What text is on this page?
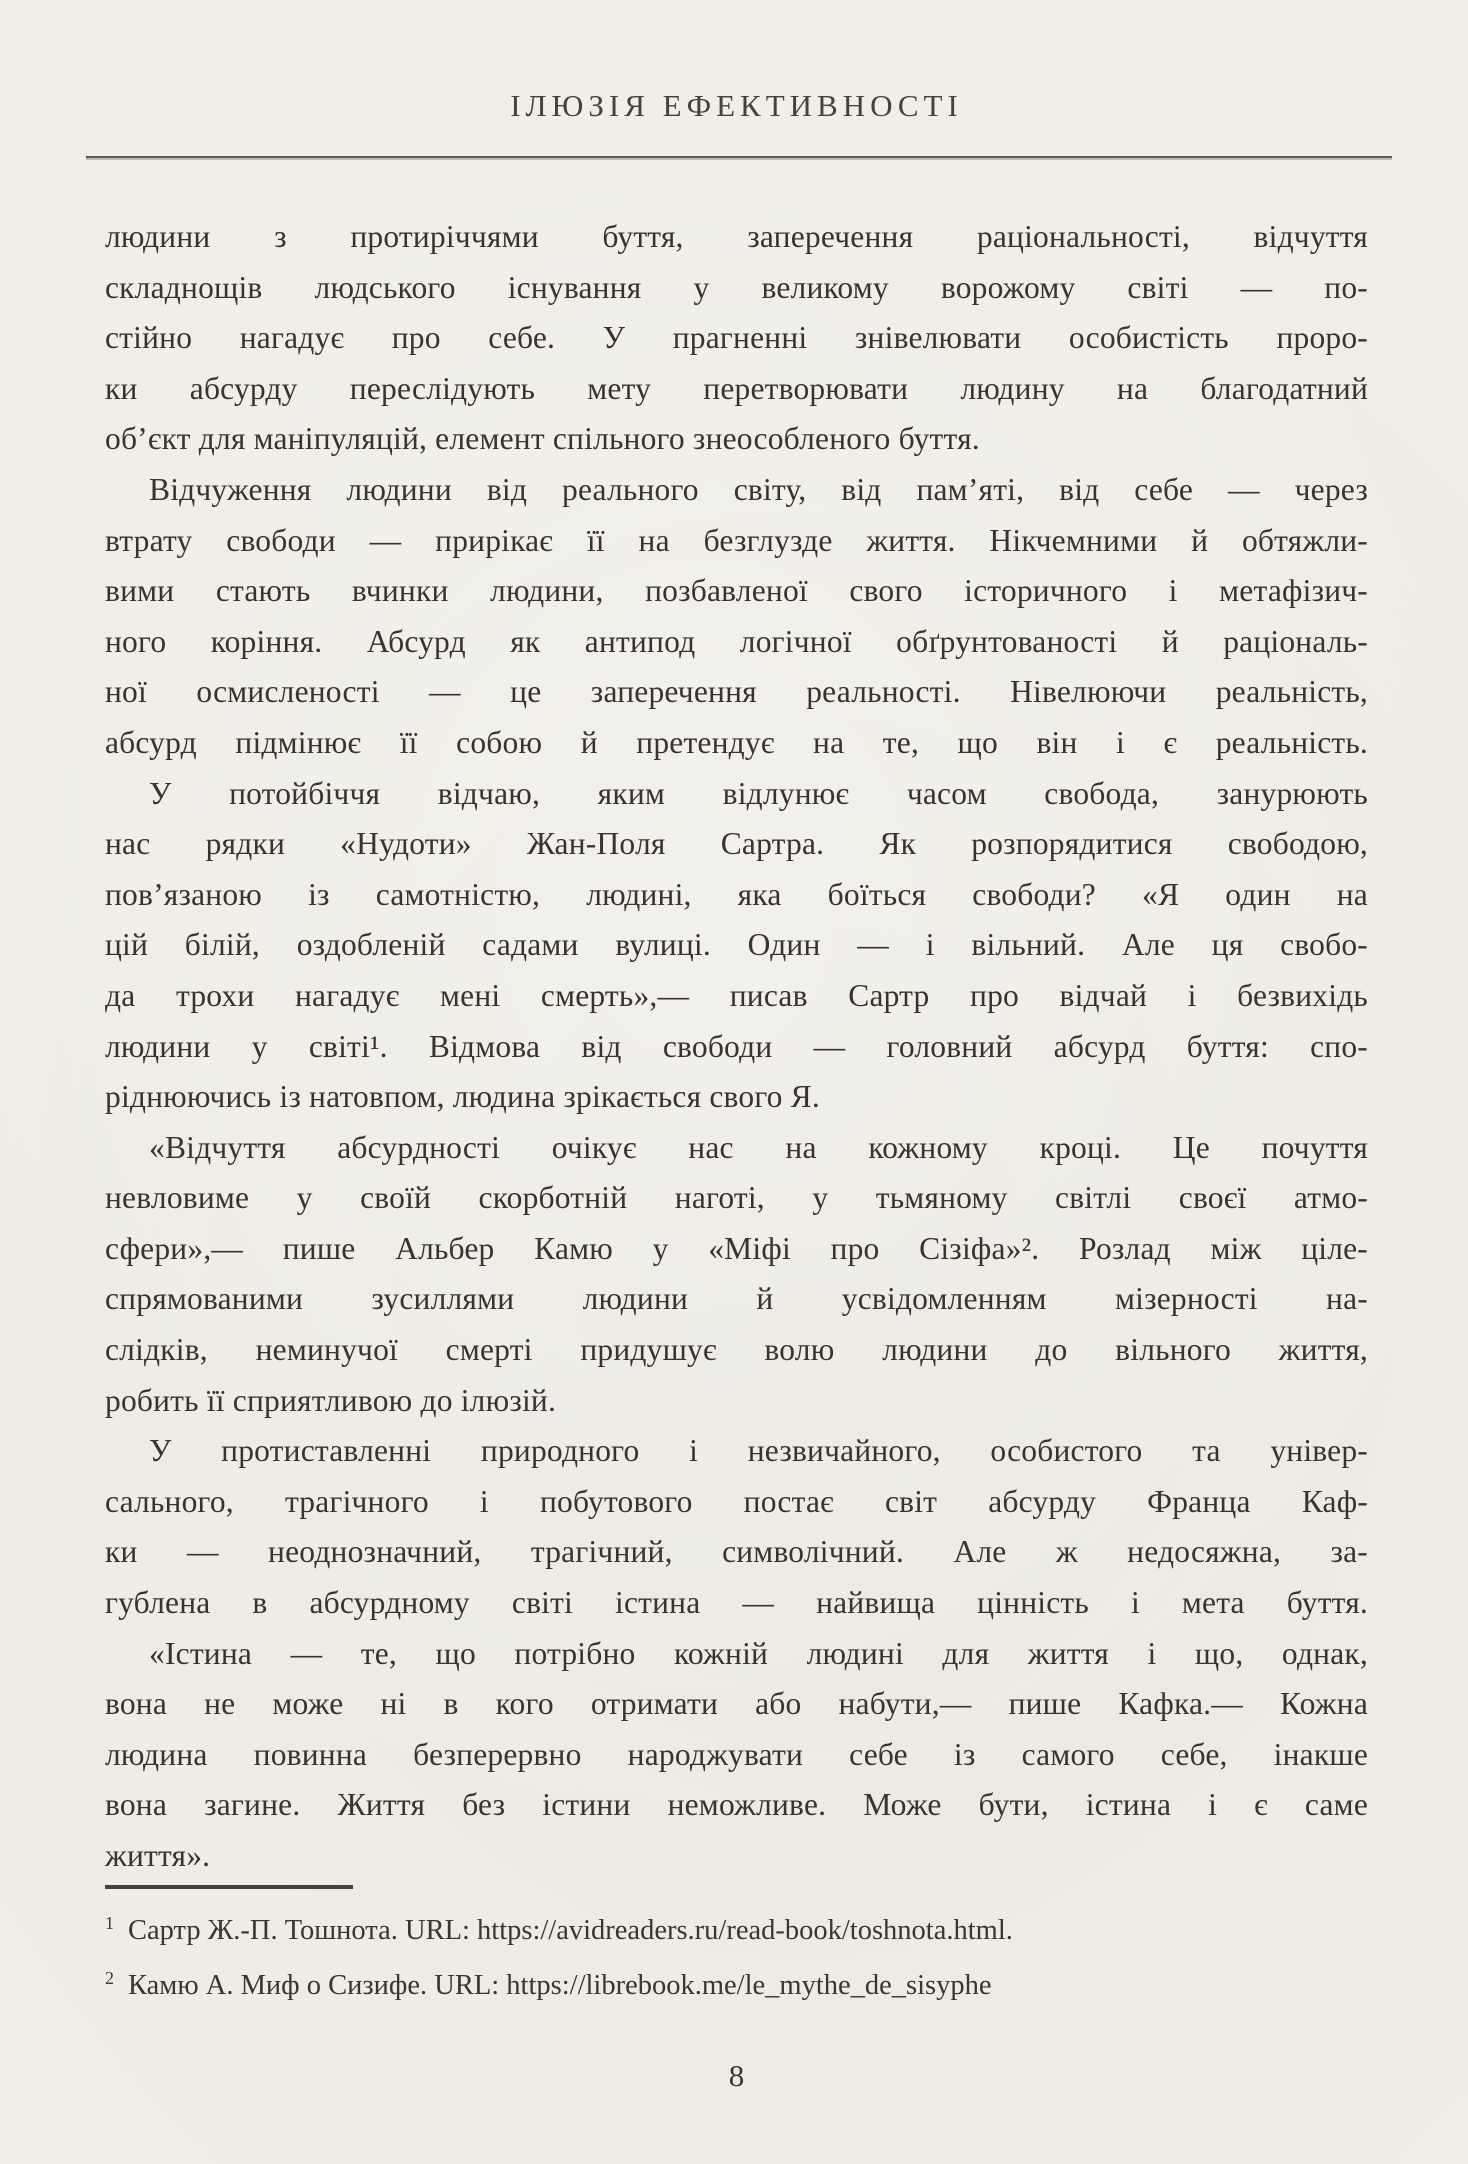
ІЛЮЗІЯ ЕФЕКТИВНОСТІ
людини з протиріччями буття, заперечення раціональності, відчуття
складнощів людського існування у великому ворожому світі — по-
стійно нагадує про себе. У прагненні знівелювати особистість проро-
ки абсурду переслідують мету перетворювати людину на благодатний
об’єкт для маніпуляцій, елемент спільного знеособленого буття.
Відчуження людини від реального світу, від пам’яті, від себе — через
втрату свободи — прирікає її на безглузде життя. Нікчемними й обтяжли-
вими стають вчинки людини, позбавленої свого історичного і метафізич-
ного коріння. Абсурд як антипод логічної обґрунтованості й раціональ-
ної осмисленості — це заперечення реальності. Нівелюючи реальність,
абсурд підмінює її собою й претендує на те, що він і є реальність.
У потойбіччя відчаю, яким відлунює часом свобода, занурюють
нас рядки «Нудоти» Жан-Поля Сартра. Як розпорядитися свободою,
пов’язаною із самотністю, людині, яка боїться свободи? «Я один на
цій білій, оздобленій садами вулиці. Один — і вільний. Але ця свобо-
да трохи нагадує мені смерть»,— писав Сартр про відчай і безвихідь
людини у світі¹. Відмова від свободи — головний абсурд буття: спо-
ріднюючись із натовпом, людина зрікається свого Я.
«Відчуття абсурдності очікує нас на кожному кроці. Це почуття
невловиме у своїй скорботній наготі, у тьмяному світлі своєї атмо-
сфери»,— пише Альбер Камю у «Міфі про Сізіфа»². Розлад між ціле-
спрямованими зусиллями людини й усвідомленням мізерності на-
слідків, неминучої смерті придушує волю людини до вільного життя,
робить її сприятливою до ілюзій.
У протиставленні природного і незвичайного, особистого та універ-
сального, трагічного і побутового постає світ абсурду Франца Каф-
ки — неоднозначний, трагічний, символічний. Але ж недосяжна, за-
гублена в абсурдному світі істина — найвища цінність і мета буття.
«Істина — те, що потрібно кожній людині для життя і що, однак,
вона не може ні в кого отримати або набути,— пише Кафка.— Кожна
людина повинна безперервно народжувати себе із самого себе, інакше
вона загине. Життя без істини неможливе. Може бути, істина і є саме
життя».
$^1$ Сартр Ж.-П. Тошнота. URL: https://avidreaders.ru/read-book/toshnota.html.
$^2$ Камю А. Миф о Сизифе. URL: https://librebook.me/le_mythe_de_sisyphe
8
